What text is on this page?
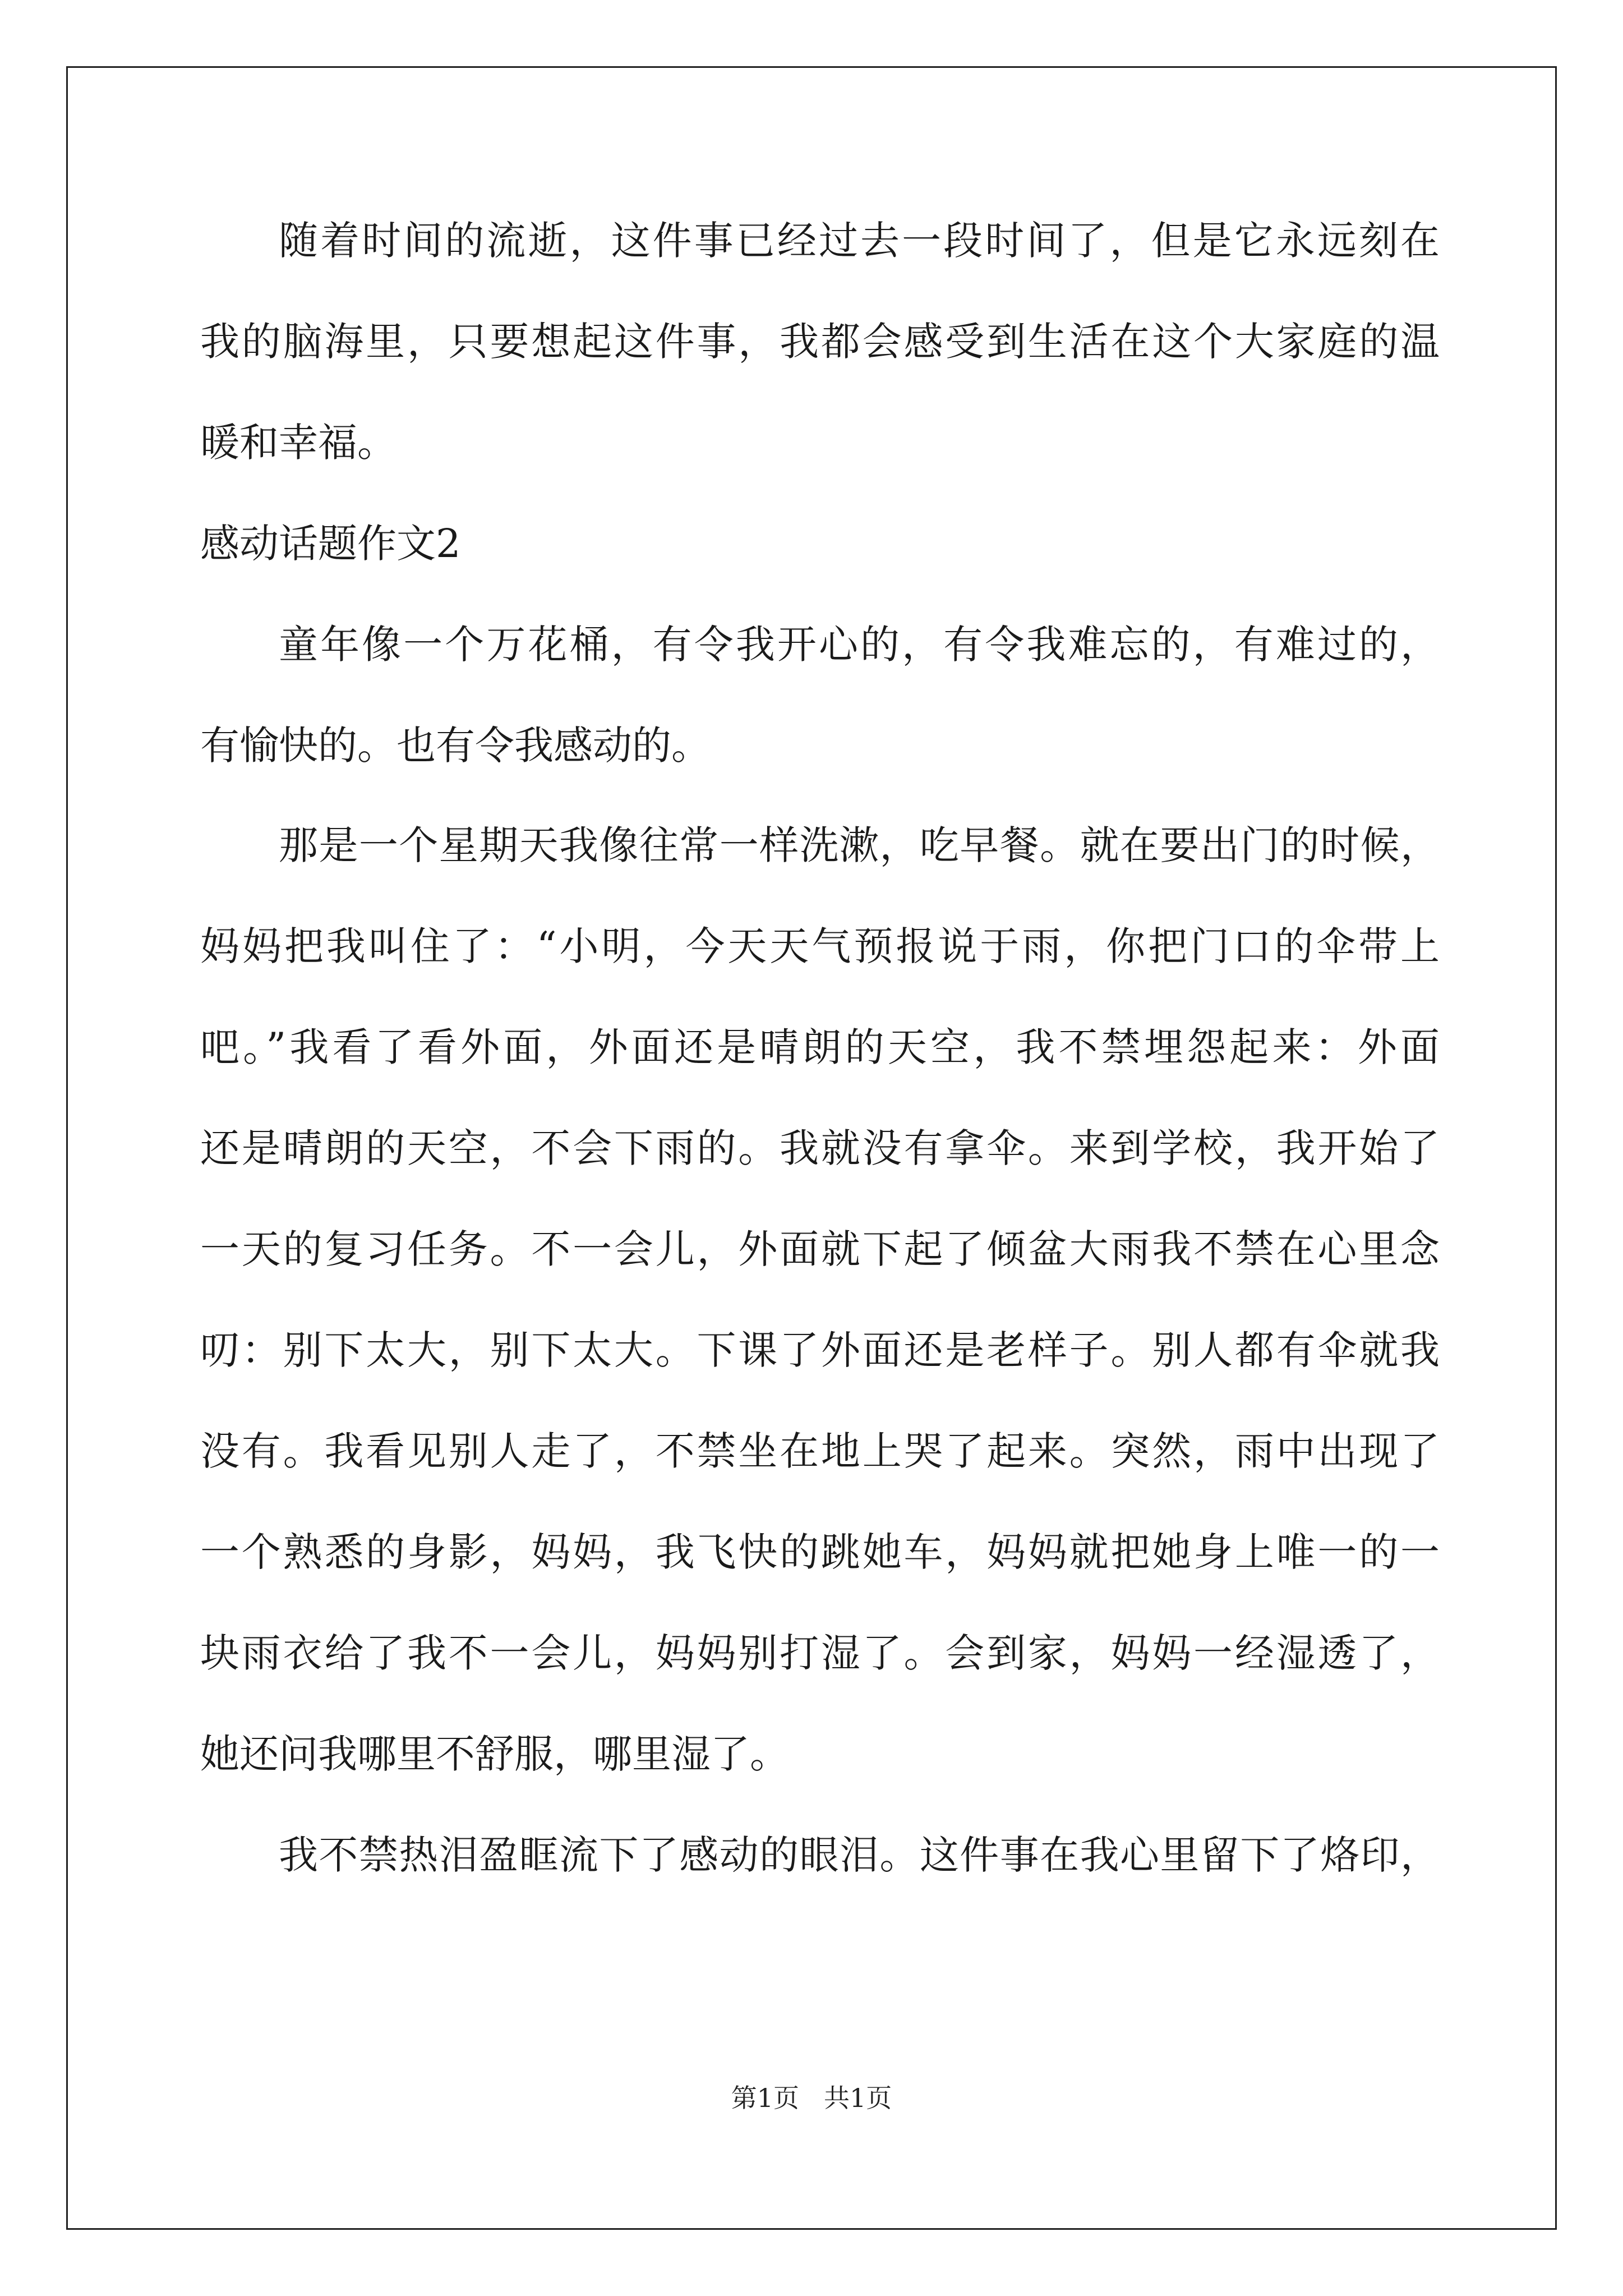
随着时间的流逝，这件事已经过去一段时间了，但是它永远刻在
我的脑海里，只要想起这件事，我都会感受到生活在这个大家庭的温
暖和幸福。
感动话题作文2
童年像一个万花桶，有令我开心的，有令我难忘的，有难过的，
有愉快的。也有令我感动的。
那是一个星期天我像往常一样洗漱，吃早餐。就在要出门的时候，
妈妈把我叫住了：“小明，今天天气预报说于雨，你把门口的伞带上
吧。”我看了看外面，外面还是晴朗的天空，我不禁埋怨起来：外面
还是晴朗的天空，不会下雨的。我就没有拿伞。来到学校，我开始了
一天的复习任务。不一会儿，外面就下起了倾盆大雨我不禁在心里念
叨：别下太大，别下太大。下课了外面还是老样子。别人都有伞就我
没有。我看见别人走了，不禁坐在地上哭了起来。突然，雨中出现了
一个熟悉的身影，妈妈，我飞快的跳她车，妈妈就把她身上唯一的一
块雨衣给了我不一会儿，妈妈别打湿了。会到家，妈妈一经湿透了，
她还问我哪里不舒服，哪里湿了。
我不禁热泪盈眶流下了感动的眼泪。这件事在我心里留下了烙印，
第1页 共1页
